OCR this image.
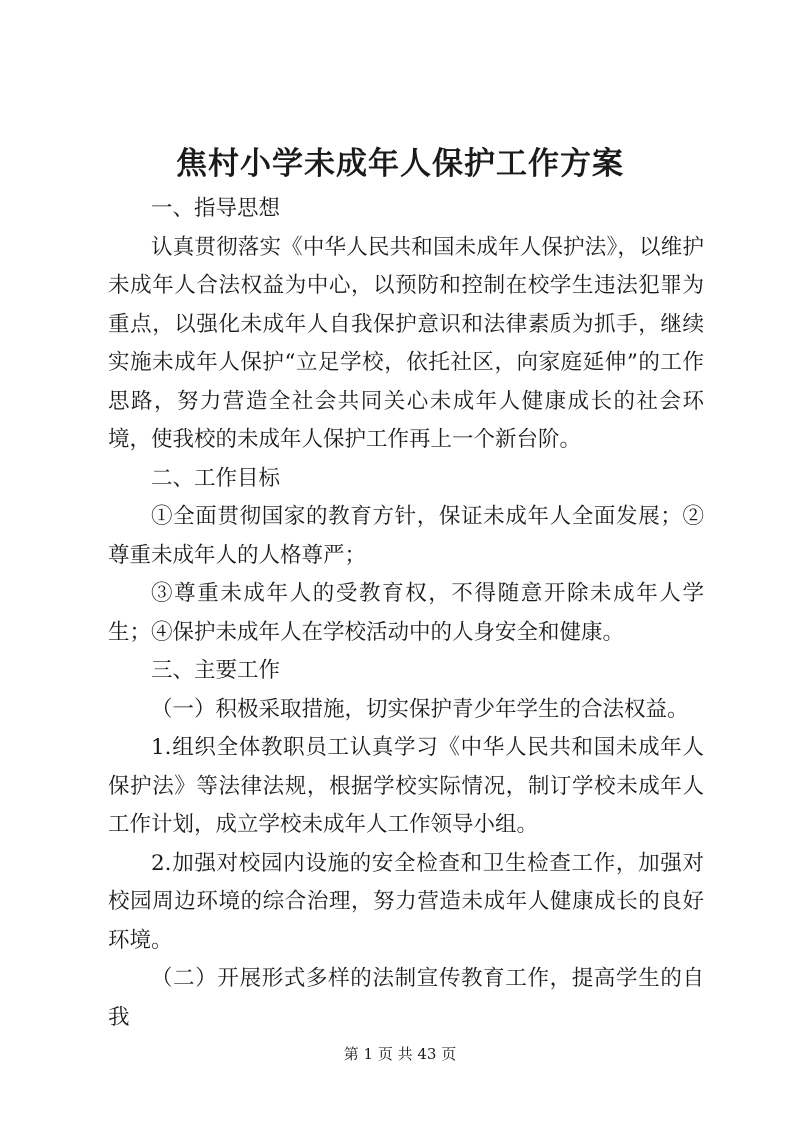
焦村小学未成年人保护工作方案

一、指导思想

认真贯彻落实《中华人民共和国未成年人保护法》，以维护未成年人合法权益为中心，以预防和控制在校学生违法犯罪为重点，以强化未成年人自我保护意识和法律素质为抓手，继续实施未成年人保护“立足学校，依托社区，向家庭延伸”的工作思路，努力营造全社会共同关心未成年人健康成长的社会环境，使我校的未成年人保护工作再上一个新台阶。

二、工作目标

①全面贯彻国家的教育方针，保证未成年人全面发展；②尊重未成年人的人格尊严；

③尊重未成年人的受教育权，不得随意开除未成年人学生；④保护未成年人在学校活动中的人身安全和健康。

三、主要工作

（一）积极采取措施，切实保护青少年学生的合法权益。

1.组织全体教职员工认真学习《中华人民共和国未成年人保护法》等法律法规，根据学校实际情况，制订学校未成年人工作计划，成立学校未成年人工作领导小组。

2.加强对校园内设施的安全检查和卫生检查工作，加强对校园周边环境的综合治理，努力营造未成年人健康成长的良好环境。

（二）开展形式多样的法制宣传教育工作，提高学生的自我

第 1 页 共 43 页
